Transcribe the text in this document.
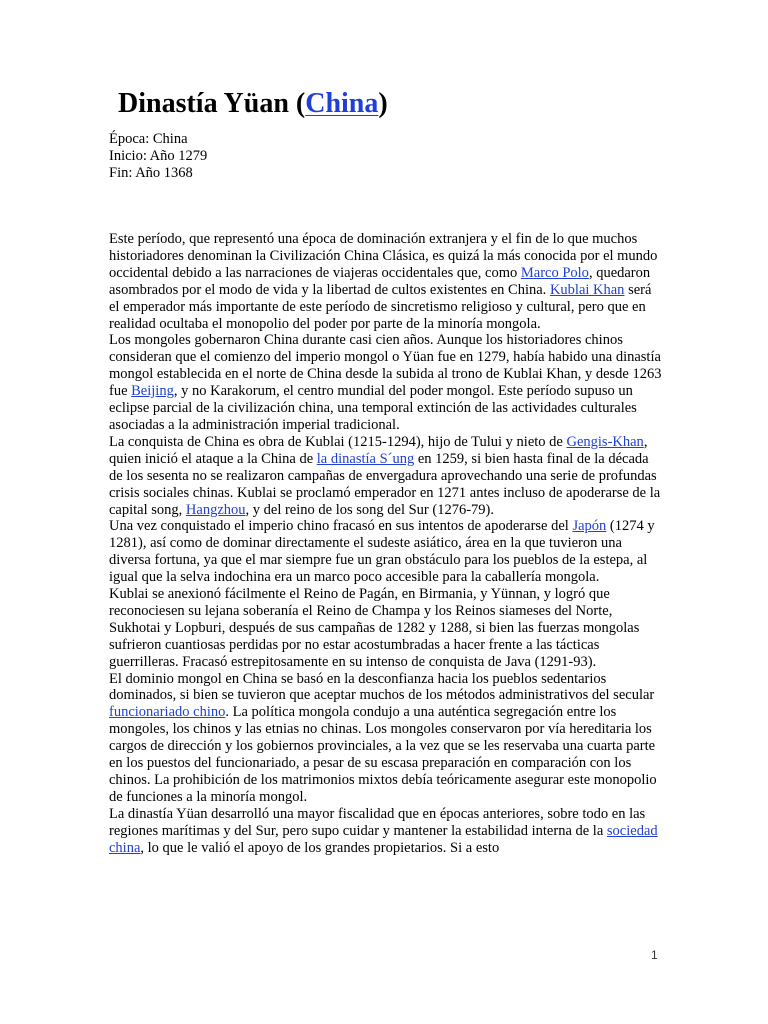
Dinastía Yüan (China)
Época: China
Inicio: Año 1279
Fin: Año 1368

Este período, que representó una época de dominación extranjera y el fin de lo que muchos historiadores denominan la Civilización China Clásica, es quizá la más conocida por el mundo occidental debido a las narraciones de viajeras occidentales que, como Marco Polo, quedaron asombrados por el modo de vida y la libertad de cultos existentes en China. Kublai Khan será el emperador más importante de este período de sincretismo religioso y cultural, pero que en realidad ocultaba el monopolio del poder por parte de la minoría mongola.

Los mongoles gobernaron China durante casi cien años. Aunque los historiadores chinos consideran que el comienzo del imperio mongol o Yüan fue en 1279, había habido una dinastía mongol establecida en el norte de China desde la subida al trono de Kublai Khan, y desde 1263 fue Beijing, y no Karakorum, el centro mundial del poder mongol. Este período supuso un eclipse parcial de la civilización china, una temporal extinción de las actividades culturales asociadas a la administración imperial tradicional.

La conquista de China es obra de Kublai (1215-1294), hijo de Tului y nieto de Gengis-Khan, quien inició el ataque a la China de la dinastía S´ung en 1259, si bien hasta final de la década de los sesenta no se realizaron campañas de envergadura aprovechando una serie de profundas crisis sociales chinas. Kublai se proclamó emperador en 1271 antes incluso de apoderarse de la capital song, Hangzhou, y del reino de los song del Sur (1276-79).

Una vez conquistado el imperio chino fracasó en sus intentos de apoderarse del Japón (1274 y 1281), así como de dominar directamente el sudeste asiático, área en la que tuvieron una diversa fortuna, ya que el mar siempre fue un gran obstáculo para los pueblos de la estepa, al igual que la selva indochina era un marco poco accesible para la caballería mongola.

Kublai se anexionó fácilmente el Reino de Pagán, en Birmania, y Yünnan, y logró que reconociesen su lejana soberanía el Reino de Champa y los Reinos siameses del Norte, Sukhotai y Lopburi, después de sus campañas de 1282 y 1288, si bien las fuerzas mongolas sufrieron cuantiosas perdidas por no estar acostumbradas a hacer frente a las tácticas guerrilleras. Fracasó estrepitosamente en su intenso de conquista de Java (1291-93).

El dominio mongol en China se basó en la desconfianza hacia los pueblos sedentarios dominados, si bien se tuvieron que aceptar muchos de los métodos administrativos del secular funcionariado chino. La política mongola condujo a una auténtica segregación entre los mongoles, los chinos y las etnias no chinas. Los mongoles conservaron por vía hereditaria los cargos de dirección y los gobiernos provinciales, a la vez que se les reservaba una cuarta parte en los puestos del funcionariado, a pesar de su escasa preparación en comparación con los chinos. La prohibición de los matrimonios mixtos debía teóricamente asegurar este monopolio de funciones a la minoría mongol.

La dinastía Yüan desarrolló una mayor fiscalidad que en épocas anteriores, sobre todo en las regiones marítimas y del Sur, pero supo cuidar y mantener la estabilidad interna de la sociedad china, lo que le valió el apoyo de los grandes propietarios. Si a esto

1
